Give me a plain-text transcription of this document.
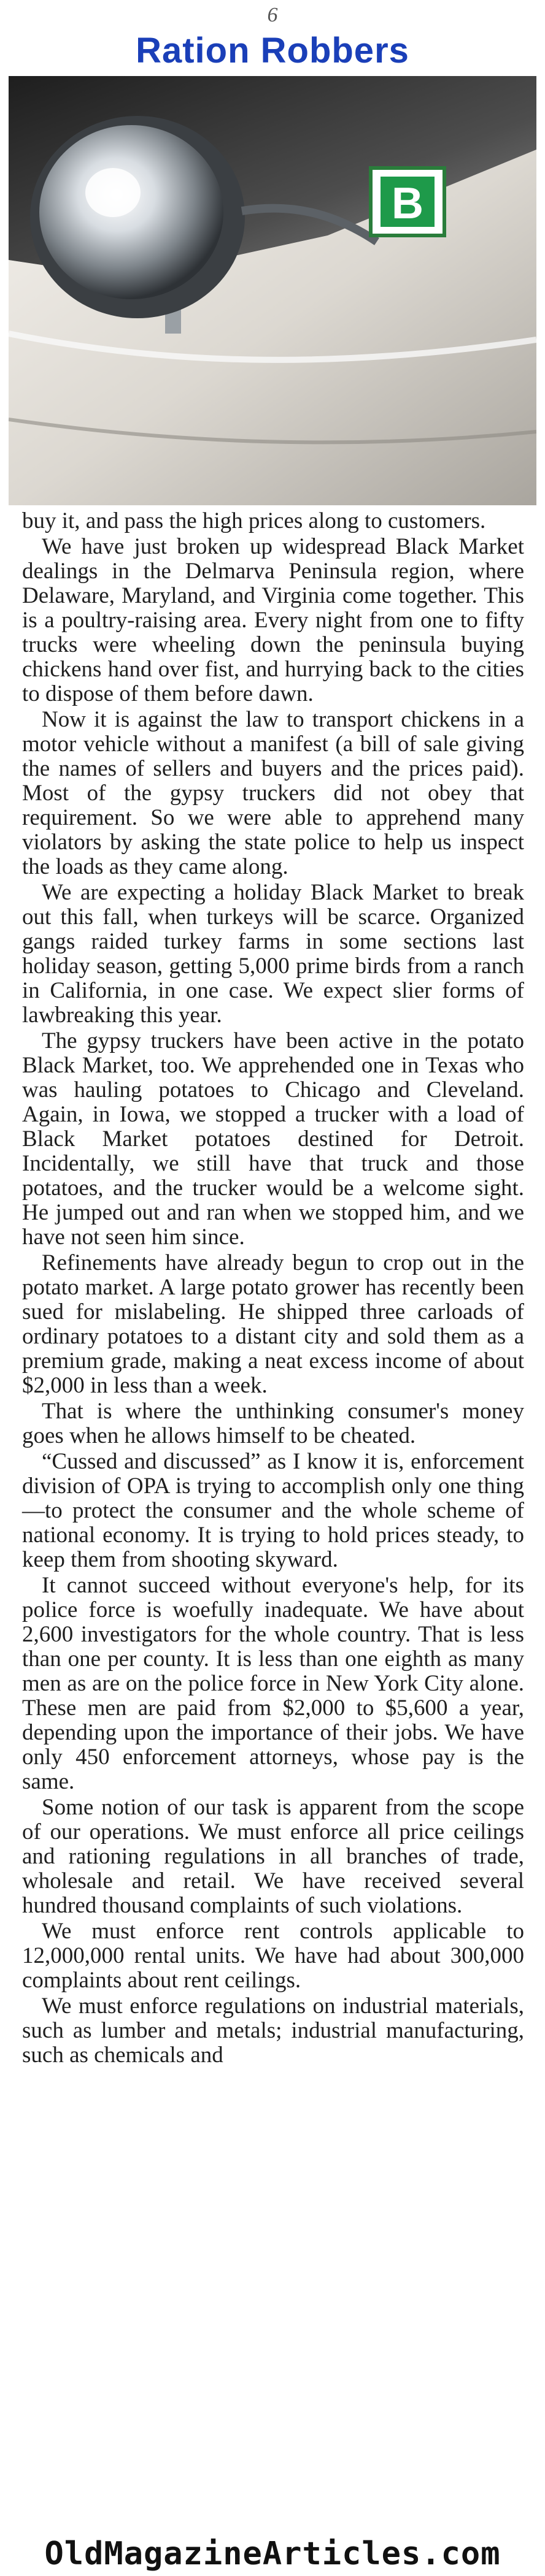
6
Ration Robbers
B

buy it, and pass the high prices along to customers.

We have just broken up widespread Black Market dealings in the Delmarva Peninsula region, where Delaware, Maryland, and Virginia come together. This is a poultry-raising area. Every night from one to fifty trucks were wheeling down the peninsula buying chickens hand over fist, and hurrying back to the cities to dispose of them before dawn.

Now it is against the law to transport chickens in a motor vehicle without a manifest (a bill of sale giving the names of sellers and buyers and the prices paid). Most of the gypsy truckers did not obey that requirement. So we were able to apprehend many violators by asking the state police to help us inspect the loads as they came along.

We are expecting a holiday Black Market to break out this fall, when turkeys will be scarce. Organized gangs raided turkey farms in some sections last holiday season, getting 5,000 prime birds from a ranch in California, in one case. We expect slier forms of lawbreaking this year.

The gypsy truckers have been active in the potato Black Market, too. We apprehended one in Texas who was hauling potatoes to Chicago and Cleveland. Again, in Iowa, we stopped a trucker with a load of Black Market potatoes destined for Detroit. Incidentally, we still have that truck and those potatoes, and the trucker would be a welcome sight. He jumped out and ran when we stopped him, and we have not seen him since.

Refinements have already begun to crop out in the potato market. A large potato grower has recently been sued for mislabeling. He shipped three carloads of ordinary potatoes to a distant city and sold them as a premium grade, making a neat excess income of about $2,000 in less than a week.

That is where the unthinking consumer's money goes when he allows himself to be cheated.

“Cussed and discussed” as I know it is, enforcement division of OPA is trying to accomplish only one thing—to protect the consumer and the whole scheme of national economy. It is trying to hold prices steady, to keep them from shooting skyward.

It cannot succeed without everyone's help, for its police force is woefully inadequate. We have about 2,600 investigators for the whole country. That is less than one per county. It is less than one eighth as many men as are on the police force in New York City alone. These men are paid from $2,000 to $5,600 a year, depending upon the importance of their jobs. We have only 450 enforcement attorneys, whose pay is the same.

Some notion of our task is apparent from the scope of our operations. We must enforce all price ceilings and rationing regulations in all branches of trade, wholesale and retail. We have received several hundred thousand complaints of such violations.

We must enforce rent controls applicable to 12,000,000 rental units. We have had about 300,000 complaints about rent ceilings.

We must enforce regulations on industrial materials, such as lumber and metals; industrial manufacturing, such as chemicals and

OldMagazineArticles.com
